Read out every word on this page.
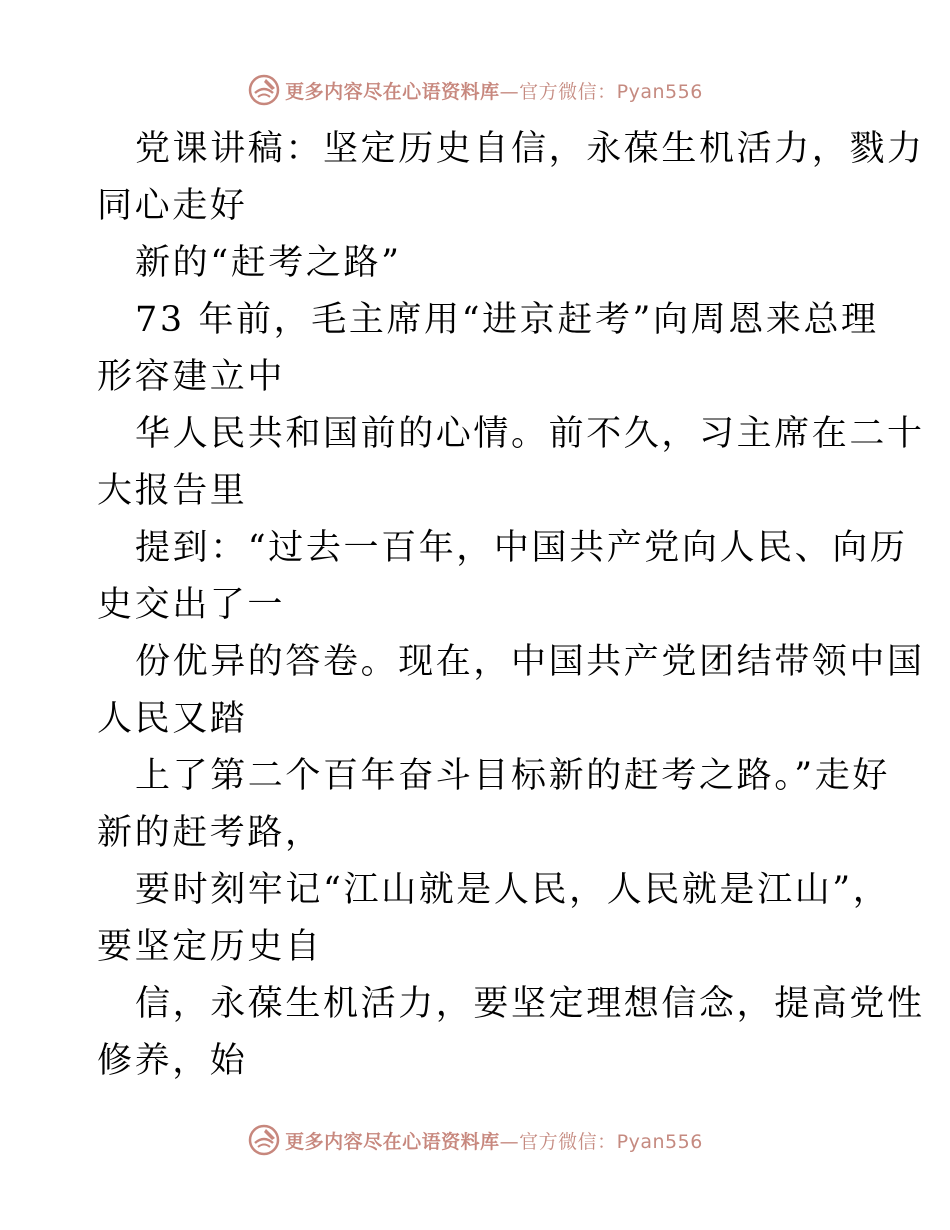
更多内容尽在心语资料库—官方微信：Pyan556
党课讲稿：坚定历史自信，永葆生机活力，戮力
同心走好
新的“赶考之路”
73 年前，毛主席用“进京赶考”向周恩来总理
形容建立中
华人民共和国前的心情。前不久，习主席在二十
大报告里
提到：“过去一百年，中国共产党向人民、向历
史交出了一
份优异的答卷。现在，中国共产党团结带领中国
人民又踏
上了第二个百年奋斗目标新的赶考之路。”走好
新的赶考路，
要时刻牢记“江山就是人民，人民就是江山”，
要坚定历史自
信，永葆生机活力，要坚定理想信念，提高党性
修养，始
更多内容尽在心语资料库—官方微信：Pyan556
